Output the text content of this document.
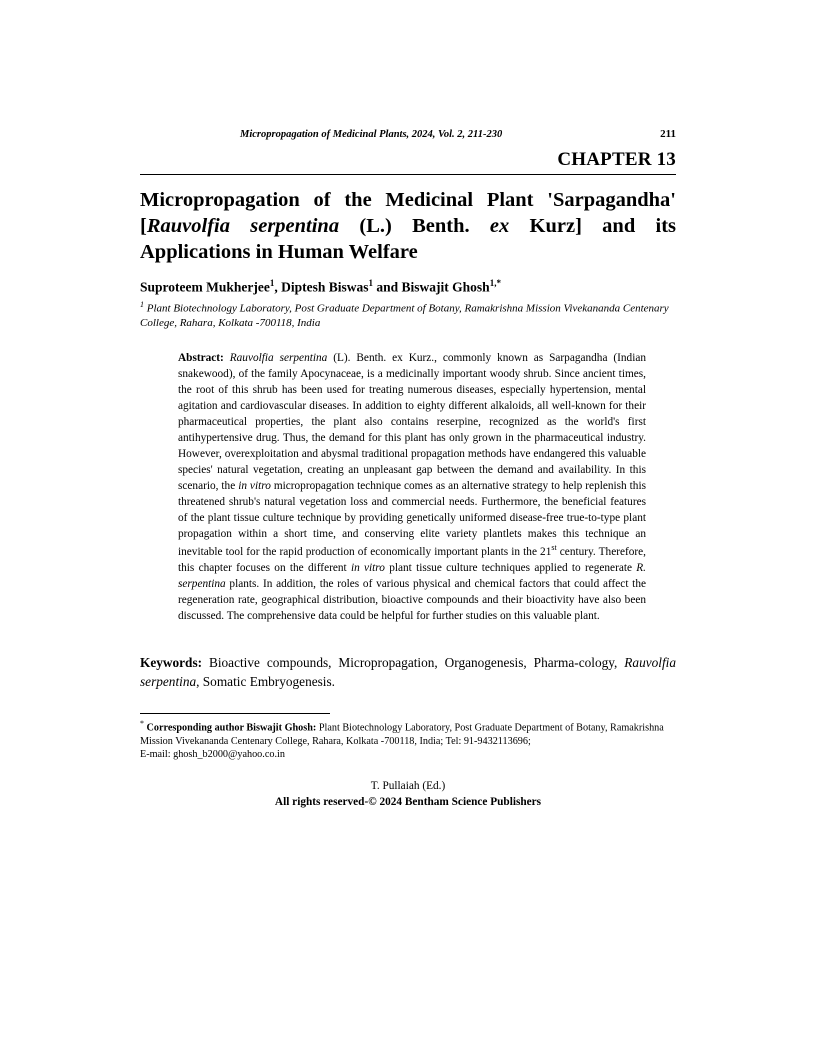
Micropropagation of Medicinal Plants, 2024, Vol. 2, 211-230	211
CHAPTER 13
Micropropagation of the Medicinal Plant 'Sarpagandha' [Rauvolfia serpentina (L.) Benth. ex Kurz] and its Applications in Human Welfare
Suproteem Mukherjee$^1$, Diptesh Biswas$^1$ and Biswajit Ghosh$^{1,*}$
$^1$ Plant Biotechnology Laboratory, Post Graduate Department of Botany, Ramakrishna Mission Vivekananda Centenary College, Rahara, Kolkata -700118, India
Abstract: Rauvolfia serpentina (L). Benth. ex Kurz., commonly known as Sarpagandha (Indian snakewood), of the family Apocynaceae, is a medicinally important woody shrub. Since ancient times, the root of this shrub has been used for treating numerous diseases, especially hypertension, mental agitation and cardiovascular diseases. In addition to eighty different alkaloids, all well-known for their pharmaceutical properties, the plant also contains reserpine, recognized as the world's first antihypertensive drug. Thus, the demand for this plant has only grown in the pharmaceutical industry. However, overexploitation and abysmal traditional propagation methods have endangered this valuable species' natural vegetation, creating an unpleasant gap between the demand and availability. In this scenario, the in vitro micropropagation technique comes as an alternative strategy to help replenish this threatened shrub's natural vegetation loss and commercial needs. Furthermore, the beneficial features of the plant tissue culture technique by providing genetically uniformed disease-free true-to-type plant propagation within a short time, and conserving elite variety plantlets makes this technique an inevitable tool for the rapid production of economically important plants in the 21st century. Therefore, this chapter focuses on the different in vitro plant tissue culture techniques applied to regenerate R. serpentina plants. In addition, the roles of various physical and chemical factors that could affect the regeneration rate, geographical distribution, bioactive compounds and their bioactivity have also been discussed. The comprehensive data could be helpful for further studies on this valuable plant.
Keywords: Bioactive compounds, Micropropagation, Organogenesis, Pharma-cology, Rauvolfia serpentina, Somatic Embryogenesis.
* Corresponding author Biswajit Ghosh: Plant Biotechnology Laboratory, Post Graduate Department of Botany, Ramakrishna Mission Vivekananda Centenary College, Rahara, Kolkata -700118, India; Tel: 91-9432113696;
E-mail: ghosh_b2000@yahoo.co.in
T. Pullaiah (Ed.)
All rights reserved-© 2024 Bentham Science Publishers
